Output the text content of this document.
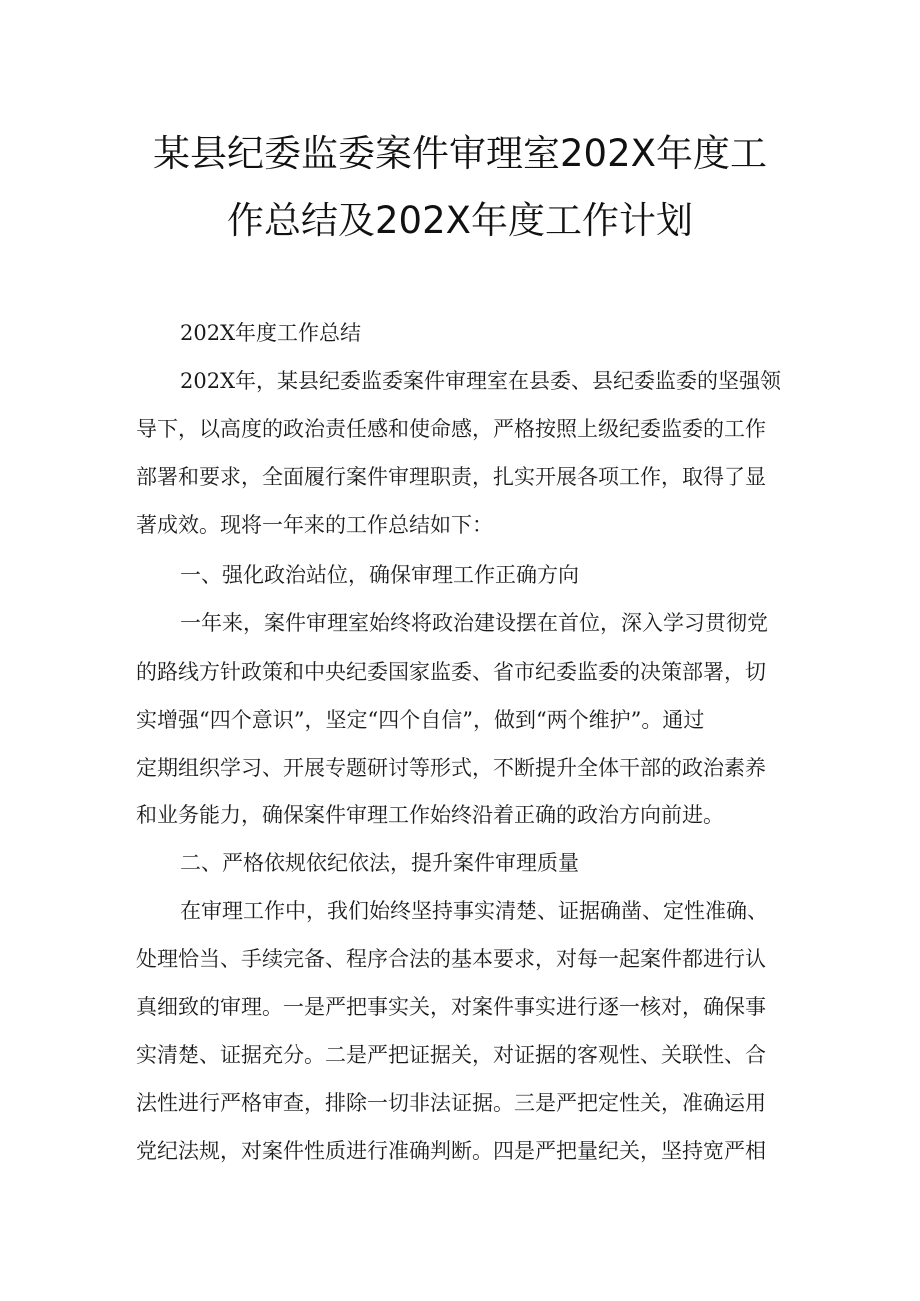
某县纪委监委案件审理室202X年度工
作总结及202X年度工作计划
202X年度工作总结
202X年，某县纪委监委案件审理室在县委、县纪委监委的坚强领
导下，以高度的政治责任感和使命感，严格按照上级纪委监委的工作
部署和要求，全面履行案件审理职责，扎实开展各项工作，取得了显
著成效。现将一年来的工作总结如下：
一、强化政治站位，确保审理工作正确方向
一年来，案件审理室始终将政治建设摆在首位，深入学习贯彻党
的路线方针政策和中央纪委国家监委、省市纪委监委的决策部署，切
实增强“四个意识”，坚定“四个自信”，做到“两个维护”。通过
定期组织学习、开展专题研讨等形式，不断提升全体干部的政治素养
和业务能力，确保案件审理工作始终沿着正确的政治方向前进。
二、严格依规依纪依法，提升案件审理质量
在审理工作中，我们始终坚持事实清楚、证据确凿、定性准确、
处理恰当、手续完备、程序合法的基本要求，对每一起案件都进行认
真细致的审理。一是严把事实关，对案件事实进行逐一核对，确保事
实清楚、证据充分。二是严把证据关，对证据的客观性、关联性、合
法性进行严格审查，排除一切非法证据。三是严把定性关，准确运用
党纪法规，对案件性质进行准确判断。四是严把量纪关，坚持宽严相
